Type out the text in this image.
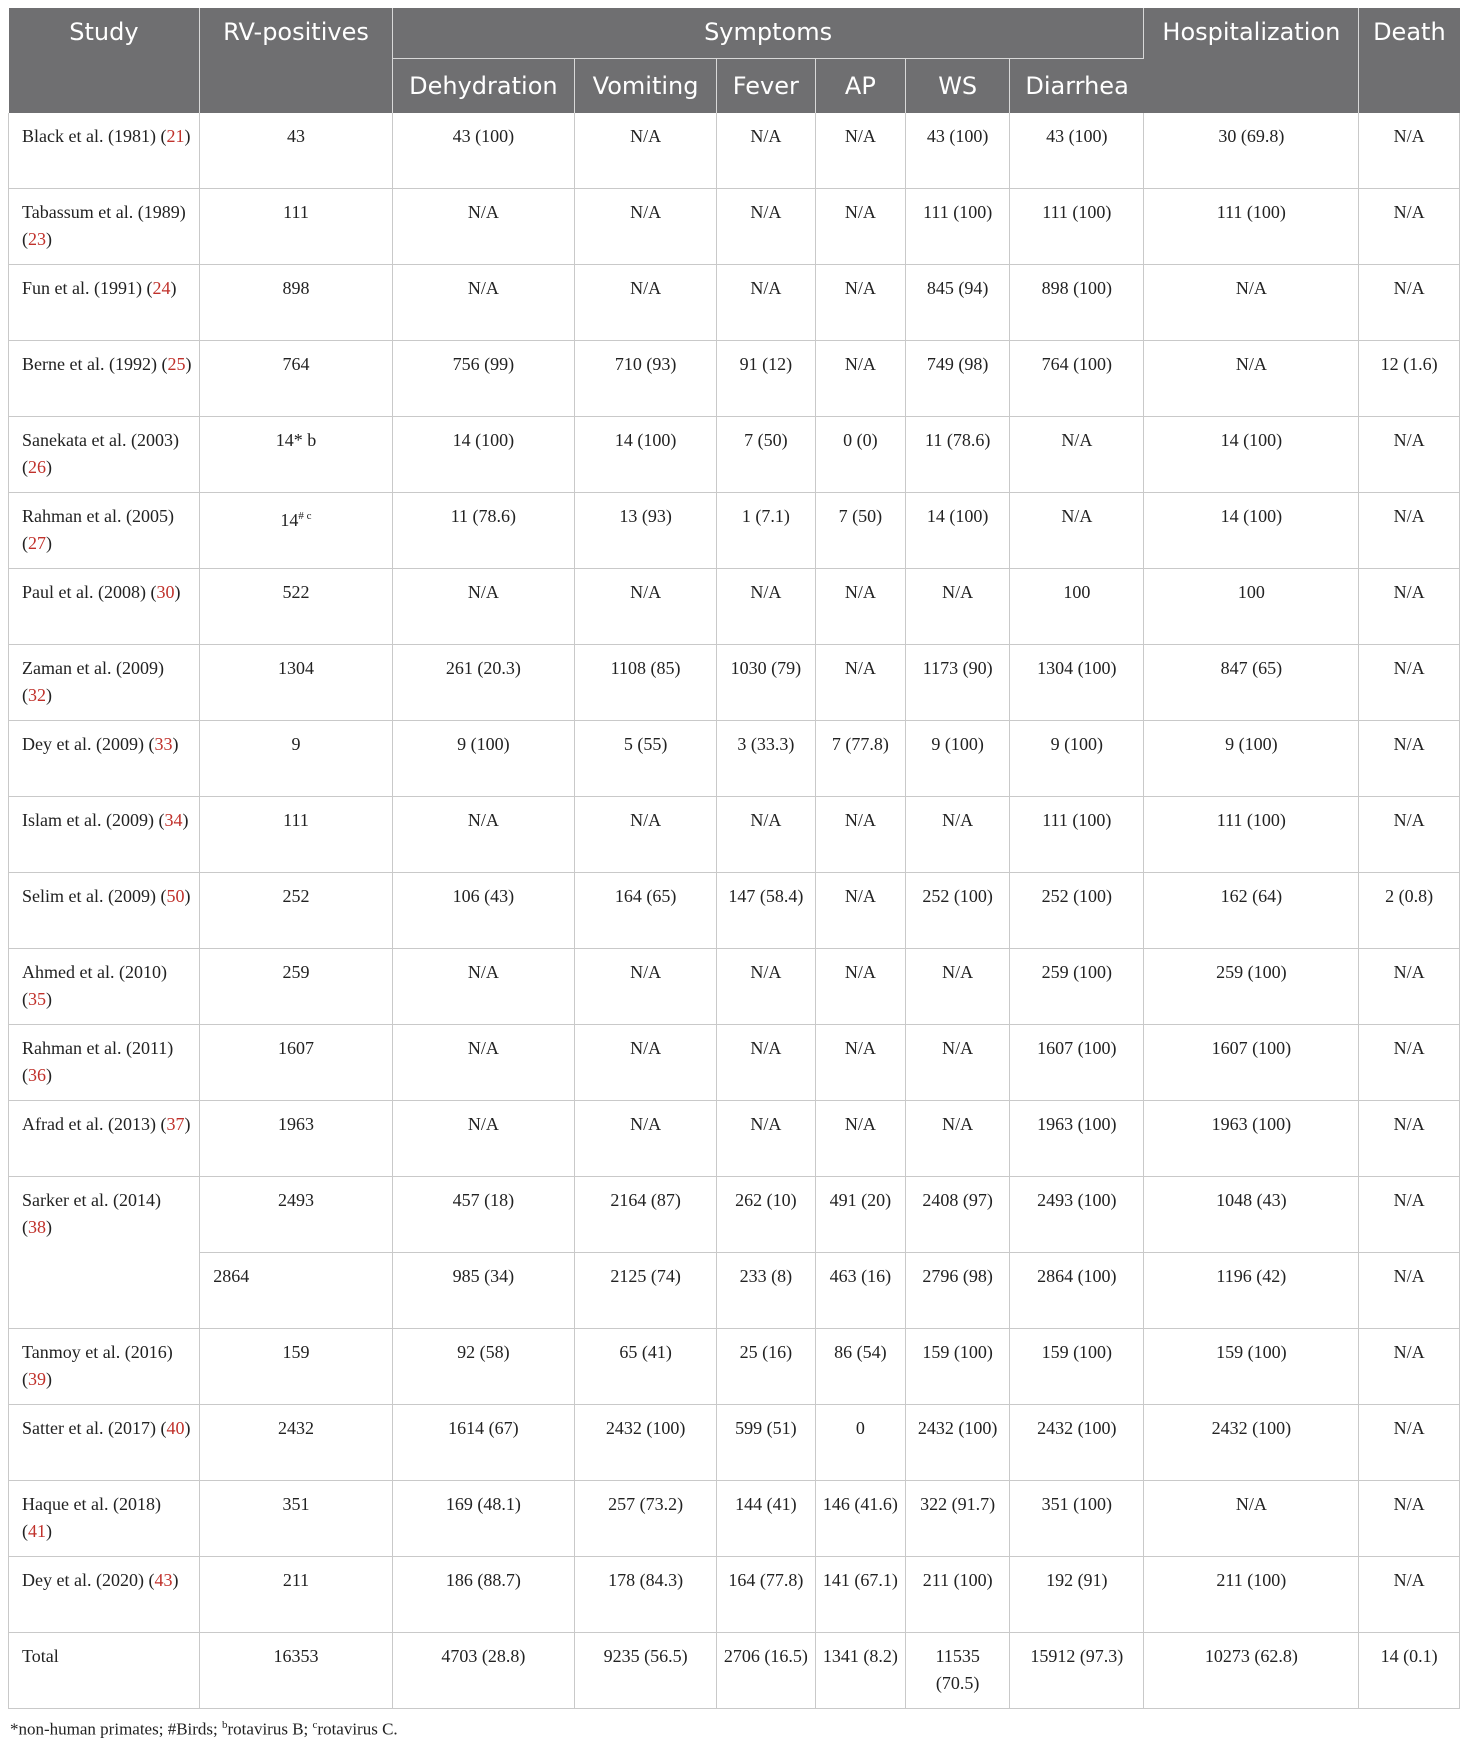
Study	RV-positives	Symptoms						Hospitalization	Death
		Dehydration	Vomiting	Fever	AP	WS	Diarrhea		
Black et al. (1981) (21)	43	43 (100)	N/A	N/A	N/A	43 (100)	43 (100)	30 (69.8)	N/A
Tabassum et al. (1989) (23)	111	N/A	N/A	N/A	N/A	111 (100)	111 (100)	111 (100)	N/A
Fun et al. (1991) (24)	898	N/A	N/A	N/A	N/A	845 (94)	898 (100)	N/A	N/A
Berne et al. (1992) (25)	764	756 (99)	710 (93)	91 (12)	N/A	749 (98)	764 (100)	N/A	12 (1.6)
Sanekata et al. (2003) (26)	14* b	14 (100)	14 (100)	7 (50)	0 (0)	11 (78.6)	N/A	14 (100)	N/A
Rahman et al. (2005) (27)	14$^{\# c}$	11 (78.6)	13 (93)	1 (7.1)	7 (50)	14 (100)	N/A	14 (100)	N/A
Paul et al. (2008) (30)	522	N/A	N/A	N/A	N/A	N/A	100	100	N/A
Zaman et al. (2009) (32)	1304	261 (20.3)	1108 (85)	1030 (79)	N/A	1173 (90)	1304 (100)	847 (65)	N/A
Dey et al. (2009) (33)	9	9 (100)	5 (55)	3 (33.3)	7 (77.8)	9 (100)	9 (100)	9 (100)	N/A
Islam et al. (2009) (34)	111	N/A	N/A	N/A	N/A	N/A	111 (100)	111 (100)	N/A
Selim et al. (2009) (50)	252	106 (43)	164 (65)	147 (58.4)	N/A	252 (100)	252 (100)	162 (64)	2 (0.8)
Ahmed et al. (2010) (35)	259	N/A	N/A	N/A	N/A	N/A	259 (100)	259 (100)	N/A
Rahman et al. (2011) (36)	1607	N/A	N/A	N/A	N/A	N/A	1607 (100)	1607 (100)	N/A
Afrad et al. (2013) (37)	1963	N/A	N/A	N/A	N/A	N/A	1963 (100)	1963 (100)	N/A
Sarker et al. (2014) (38)	2493	457 (18)	2164 (87)	262 (10)	491 (20)	2408 (97)	2493 (100)	1048 (43)	N/A
	2864	985 (34)	2125 (74)	233 (8)	463 (16)	2796 (98)	2864 (100)	1196 (42)	N/A
Tanmoy et al. (2016) (39)	159	92 (58)	65 (41)	25 (16)	86 (54)	159 (100)	159 (100)	159 (100)	N/A
Satter et al. (2017) (40)	2432	1614 (67)	2432 (100)	599 (51)	0	2432 (100)	2432 (100)	2432 (100)	N/A
Haque et al. (2018) (41)	351	169 (48.1)	257 (73.2)	144 (41)	146 (41.6)	322 (91.7)	351 (100)	N/A	N/A
Dey et al. (2020) (43)	211	186 (88.7)	178 (84.3)	164 (77.8)	141 (67.1)	211 (100)	192 (91)	211 (100)	N/A
Total	16353	4703 (28.8)	9235 (56.5)	2706 (16.5)	1341 (8.2)	11535 (70.5)	15912 (97.3)	10273 (62.8)	14 (0.1)
*non-human primates; #Birds; $^b$rotavirus B; $^c$rotavirus C.
